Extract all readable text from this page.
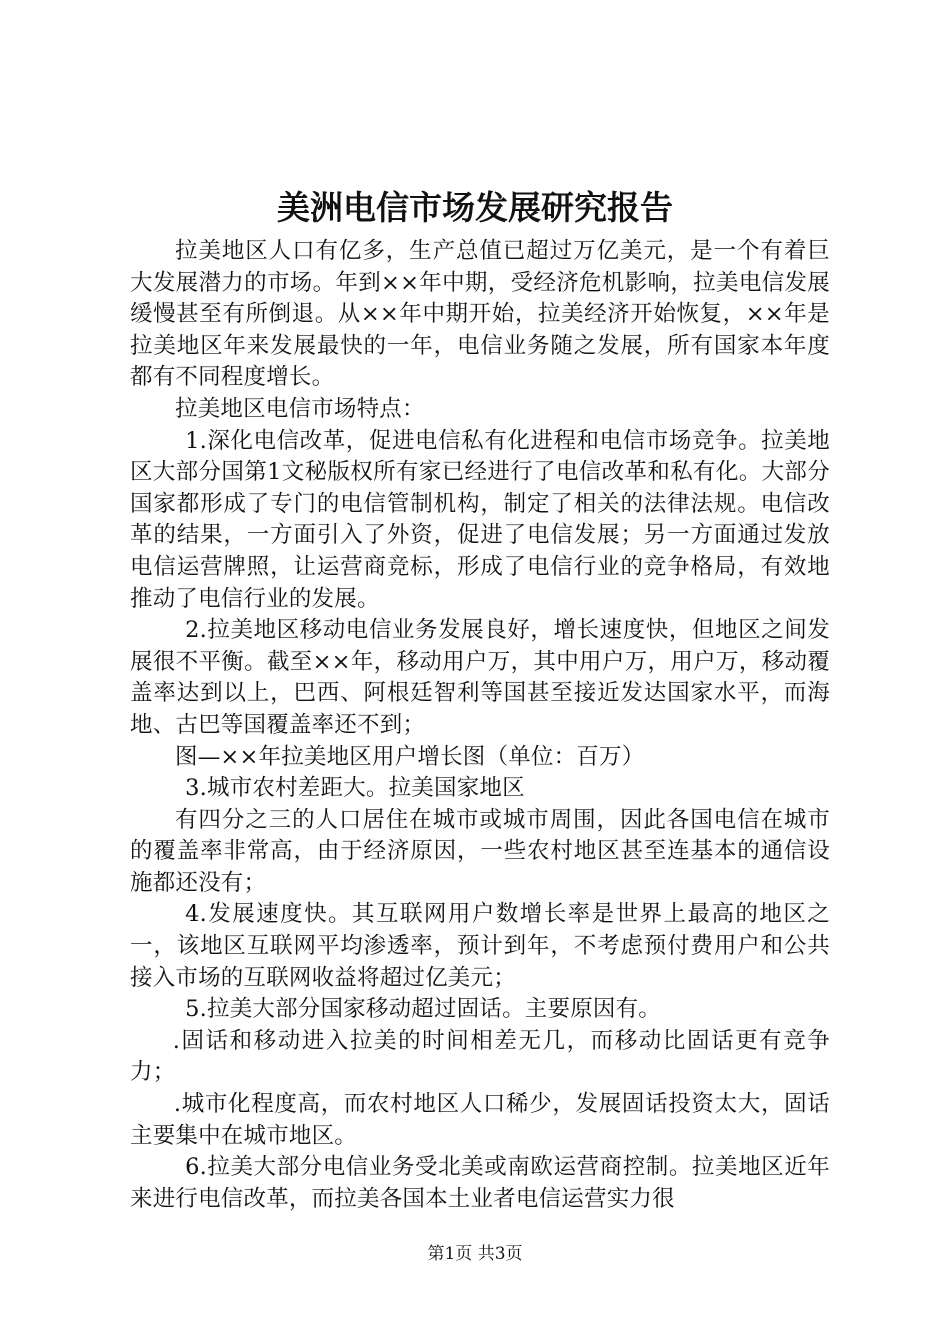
美洲电信市场发展研究报告

拉美地区人口有亿多，生产总值已超过万亿美元，是一个有着巨大发展潜力的市场。年到××年中期，受经济危机影响，拉美电信发展缓慢甚至有所倒退。从××年中期开始，拉美经济开始恢复，××年是拉美地区年来发展最快的一年，电信业务随之发展，所有国家本年度都有不同程度增长。

拉美地区电信市场特点：

1.深化电信改革，促进电信私有化进程和电信市场竞争。拉美地区大部分国第1文秘版权所有家已经进行了电信改革和私有化。大部分国家都形成了专门的电信管制机构，制定了相关的法律法规。电信改革的结果，一方面引入了外资，促进了电信发展；另一方面通过发放电信运营牌照，让运营商竞标，形成了电信行业的竞争格局，有效地推动了电信行业的发展。

2.拉美地区移动电信业务发展良好，增长速度快，但地区之间发展很不平衡。截至××年，移动用户万，其中用户万，用户万，移动覆盖率达到以上，巴西、阿根廷智利等国甚至接近发达国家水平，而海地、古巴等国覆盖率还不到；

图—××年拉美地区用户增长图（单位：百万）

3.城市农村差距大。拉美国家地区

有四分之三的人口居住在城市或城市周围，因此各国电信在城市的覆盖率非常高，由于经济原因，一些农村地区甚至连基本的通信设施都还没有；

4.发展速度快。其互联网用户数增长率是世界上最高的地区之一，该地区互联网平均渗透率，预计到年，不考虑预付费用户和公共接入市场的互联网收益将超过亿美元；

5.拉美大部分国家移动超过固话。主要原因有。

.固话和移动进入拉美的时间相差无几，而移动比固话更有竞争力；

.城市化程度高，而农村地区人口稀少，发展固话投资太大，固话主要集中在城市地区。

6.拉美大部分电信业务受北美或南欧运营商控制。拉美地区近年来进行电信改革，而拉美各国本土业者电信运营实力很

第1页 共3页
